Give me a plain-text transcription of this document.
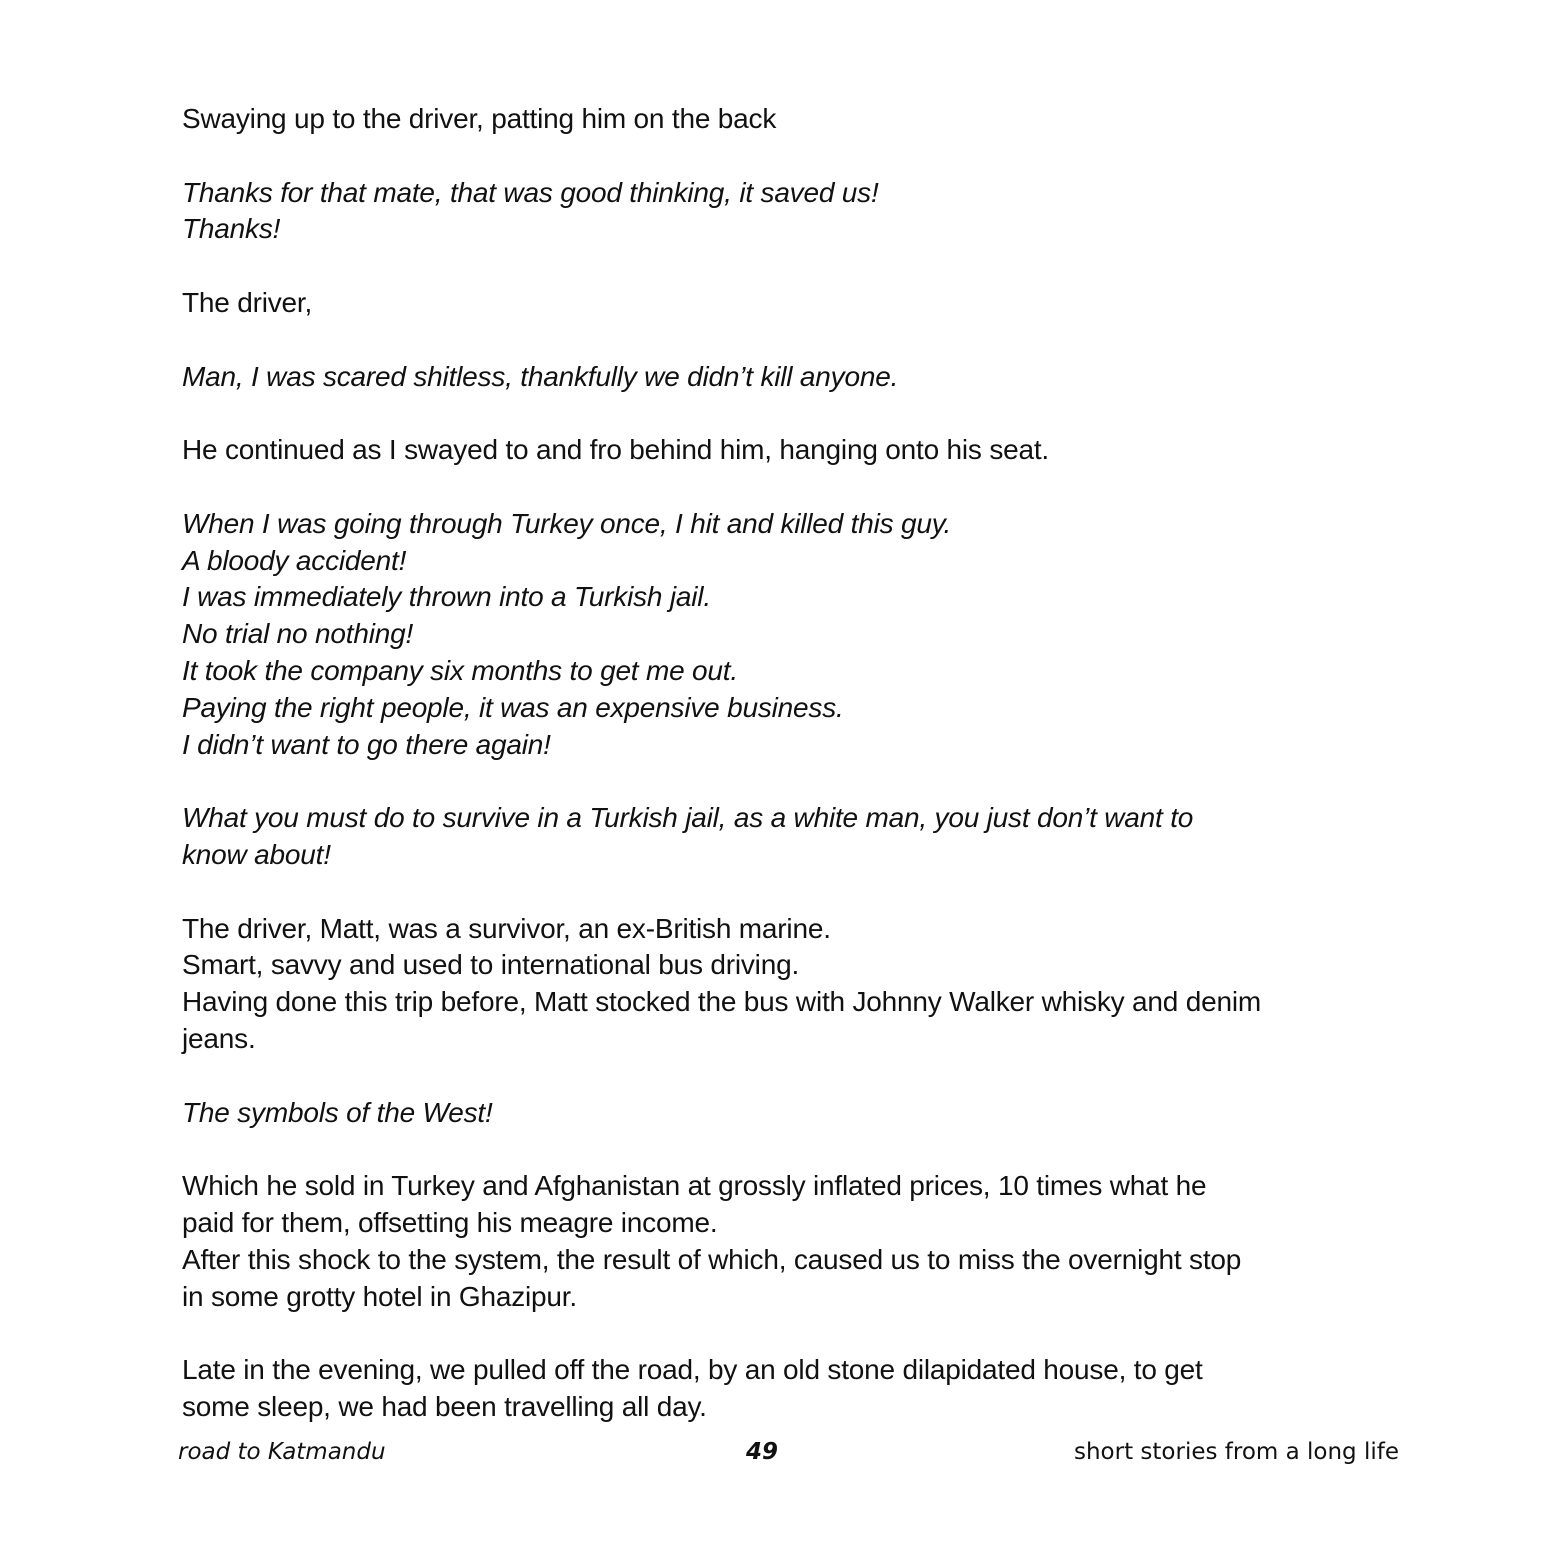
Swaying up to the driver, patting him on the back

Thanks for that mate, that was good thinking, it saved us!
Thanks!

The driver,

Man, I was scared shitless, thankfully we didn’t kill anyone.

He continued as I swayed to and fro behind him, hanging onto his seat.

When I was going through Turkey once, I hit and killed this guy.
A bloody accident!
I was immediately thrown into a Turkish jail.
No trial no nothing!
It took the company six months to get me out.
Paying the right people, it was an expensive business.
I didn’t want to go there again!

What you must do to survive in a Turkish jail, as a white man, you just don’t want to
know about!

The driver, Matt, was a survivor, an ex-British marine.
Smart, savvy and used to international bus driving.
Having done this trip before, Matt stocked the bus with Johnny Walker whisky and denim
jeans.

The symbols of the West!

Which he sold in Turkey and Afghanistan at grossly inflated prices, 10 times what he
paid for them, offsetting his meagre income.
After this shock to the system, the result of which, caused us to miss the overnight stop
in some grotty hotel in Ghazipur.

Late in the evening, we pulled off the road, by an old stone dilapidated house, to get
some sleep, we had been travelling all day.

road to Katmandu	49	short stories from a long life
